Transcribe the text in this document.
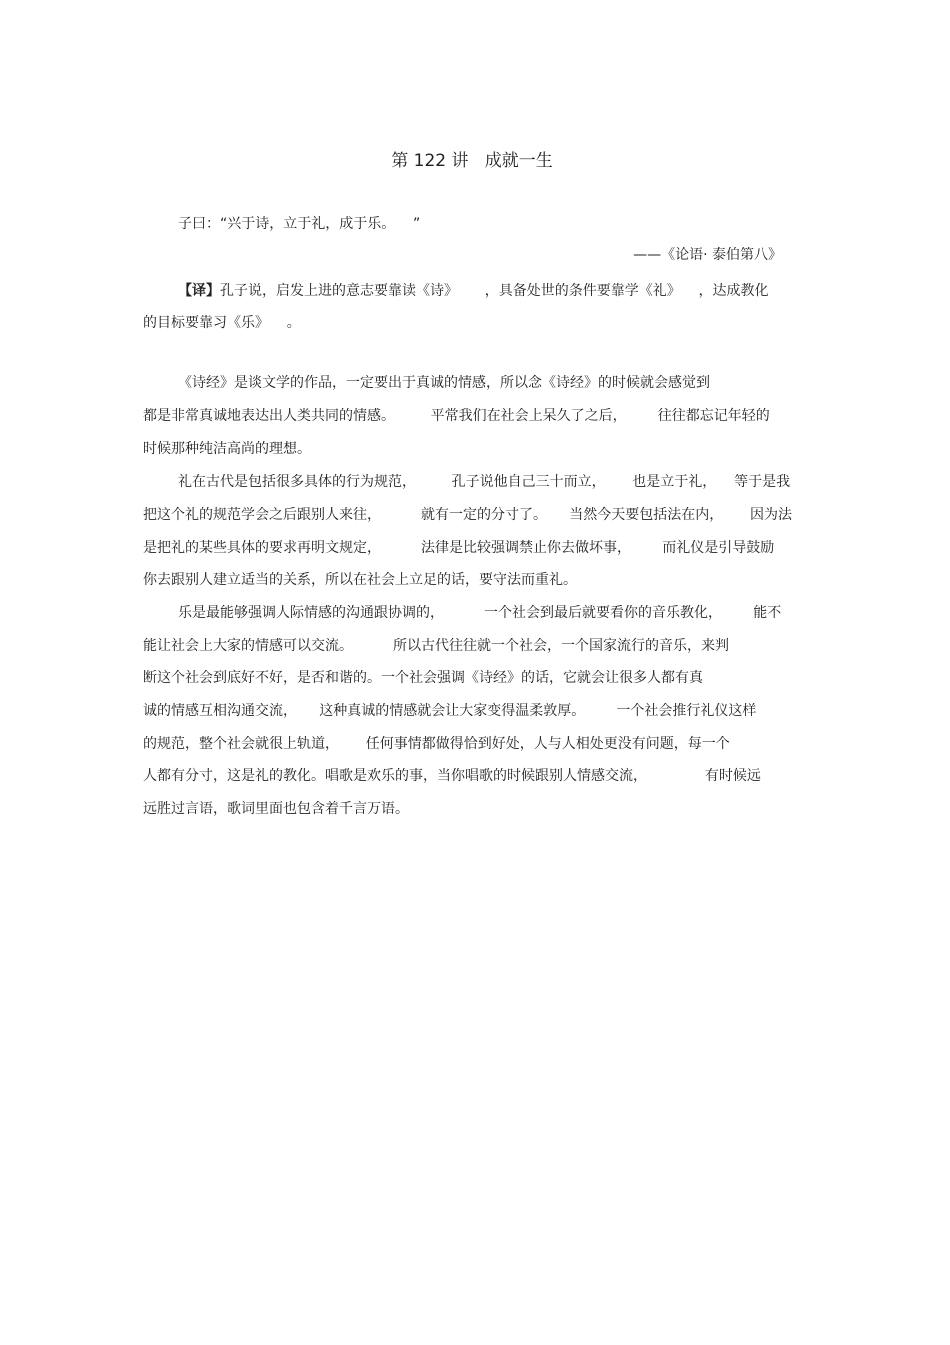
第 122 讲   成就一生
子曰：“兴于诗，立于礼，成于乐。    ”
——《论语· 泰伯第八》
【译】孔子说，启发上进的意志要靠读《诗》      ，具备处世的条件要靠学《礼》    ，达成教化
的目标要靠习《乐》    。
《诗经》是谈文学的作品，一定要出于真诚的情感，所以念《诗经》的时候就会感觉到
都是非常真诚地表达出人类共同的情感。        平常我们在社会上呆久了之后，       往往都忘记年轻的
时候那种纯洁高尚的理想。
礼在古代是包括很多具体的行为规范，        孔子说他自己三十而立，      也是立于礼，    等于是我
把这个礼的规范学会之后跟别人来往，         就有一定的分寸了。     当然今天要包括法在内，      因为法
是把礼的某些具体的要求再明文规定，         法律是比较强调禁止你去做坏事，       而礼仪是引导鼓励
你去跟别人建立适当的关系，所以在社会上立足的话，要守法而重礼。
乐是最能够强调人际情感的沟通跟协调的，         一个社会到最后就要看你的音乐教化，       能不
能让社会上大家的情感可以交流。         所以古代往往就一个社会，一个国家流行的音乐，来判
断这个社会到底好不好，是否和谐的。一个社会强调《诗经》的话，它就会让很多人都有真
诚的情感互相沟通交流，     这种真诚的情感就会让大家变得温柔敦厚。       一个社会推行礼仪这样
的规范，整个社会就很上轨道，      任何事情都做得恰到好处，人与人相处更没有问题，每一个
人都有分寸，这是礼的教化。唱歌是欢乐的事，当你唱歌的时候跟别人情感交流，             有时候远
远胜过言语，歌词里面也包含着千言万语。
